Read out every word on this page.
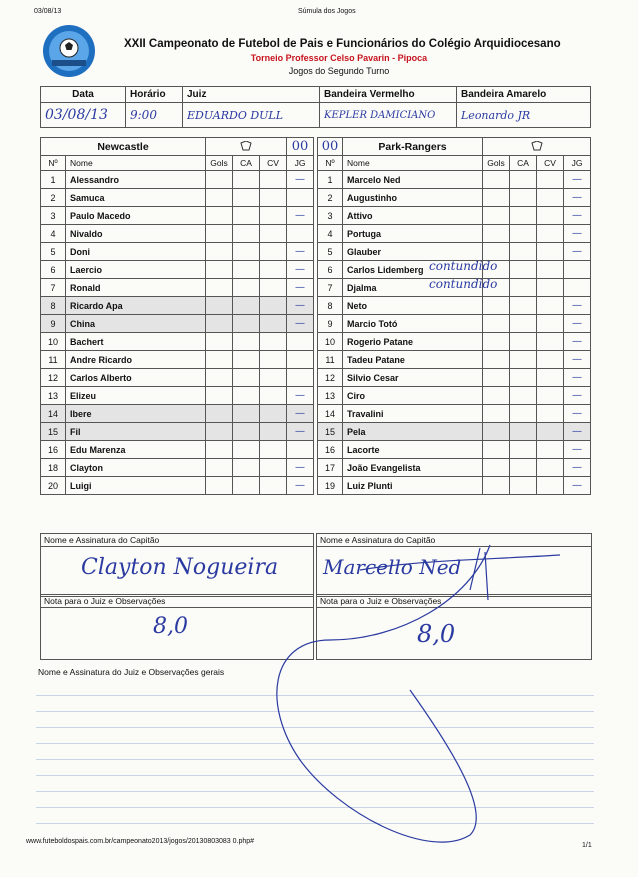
03/08/13	Súmula dos Jogos
XXII Campeonato de Futebol de Pais e Funcionários do Colégio Arquidiocesano
Torneio Professor Celso Pavarin - Pipoca
Jogos do Segundo Turno
Data	Horário	Juiz	Bandeira Vermelho	Bandeira Amarelo
03/08/13	9:00	EDUARDO DULL	KEPLER DAMICIANO	Leonardo JR
Newcastle					00
Nº	Nome	Gols	CA	CV	JG
1	Alessandro				—
2	Samuca				
3	Paulo Macedo				—
4	Nivaldo				
5	Doni				—
6	Laercio				—
7	Ronald				—
8	Ricardo Apa				—
9	China				—
10	Bachert				
11	Andre Ricardo				
12	Carlos Alberto				
13	Elizeu				—
14	Ibere				—
15	Fil				—
16	Edu Marenza				
18	Clayton				—
20	Luigi				—
00	Park-Rangers	
Nº	Nome	Gols	CA	CV	JG
1	Marcelo Ned				—
2	Augustinho				—
3	Attivo				—
4	Portuga				—
5	Glauber				—
6	Carlos Lidemberg contundido				

7	Djalma contundido				

8	Neto				—
9	Marcio Totó				—
10	Rogerio Patane				—
11	Tadeu Patane				—
12	Silvio Cesar				—
13	Ciro				—
14	Travalini				—
15	Pela				—
16	Lacorte				—
17	João Evangelista				—
19	Luiz Plunti				—
Nome e Assinatura do Capitão
Clayton Nogueira
Nome e Assinatura do Capitão
Marcello Ned
Nota para o Juiz e Observações
8,0
Nota para o Juiz e Observações
8,0
Nome e Assinatura do Juiz e Observações gerais
www.futeboldospais.com.br/campeonato2013/jogos/20130803083 0.php#
1/1
